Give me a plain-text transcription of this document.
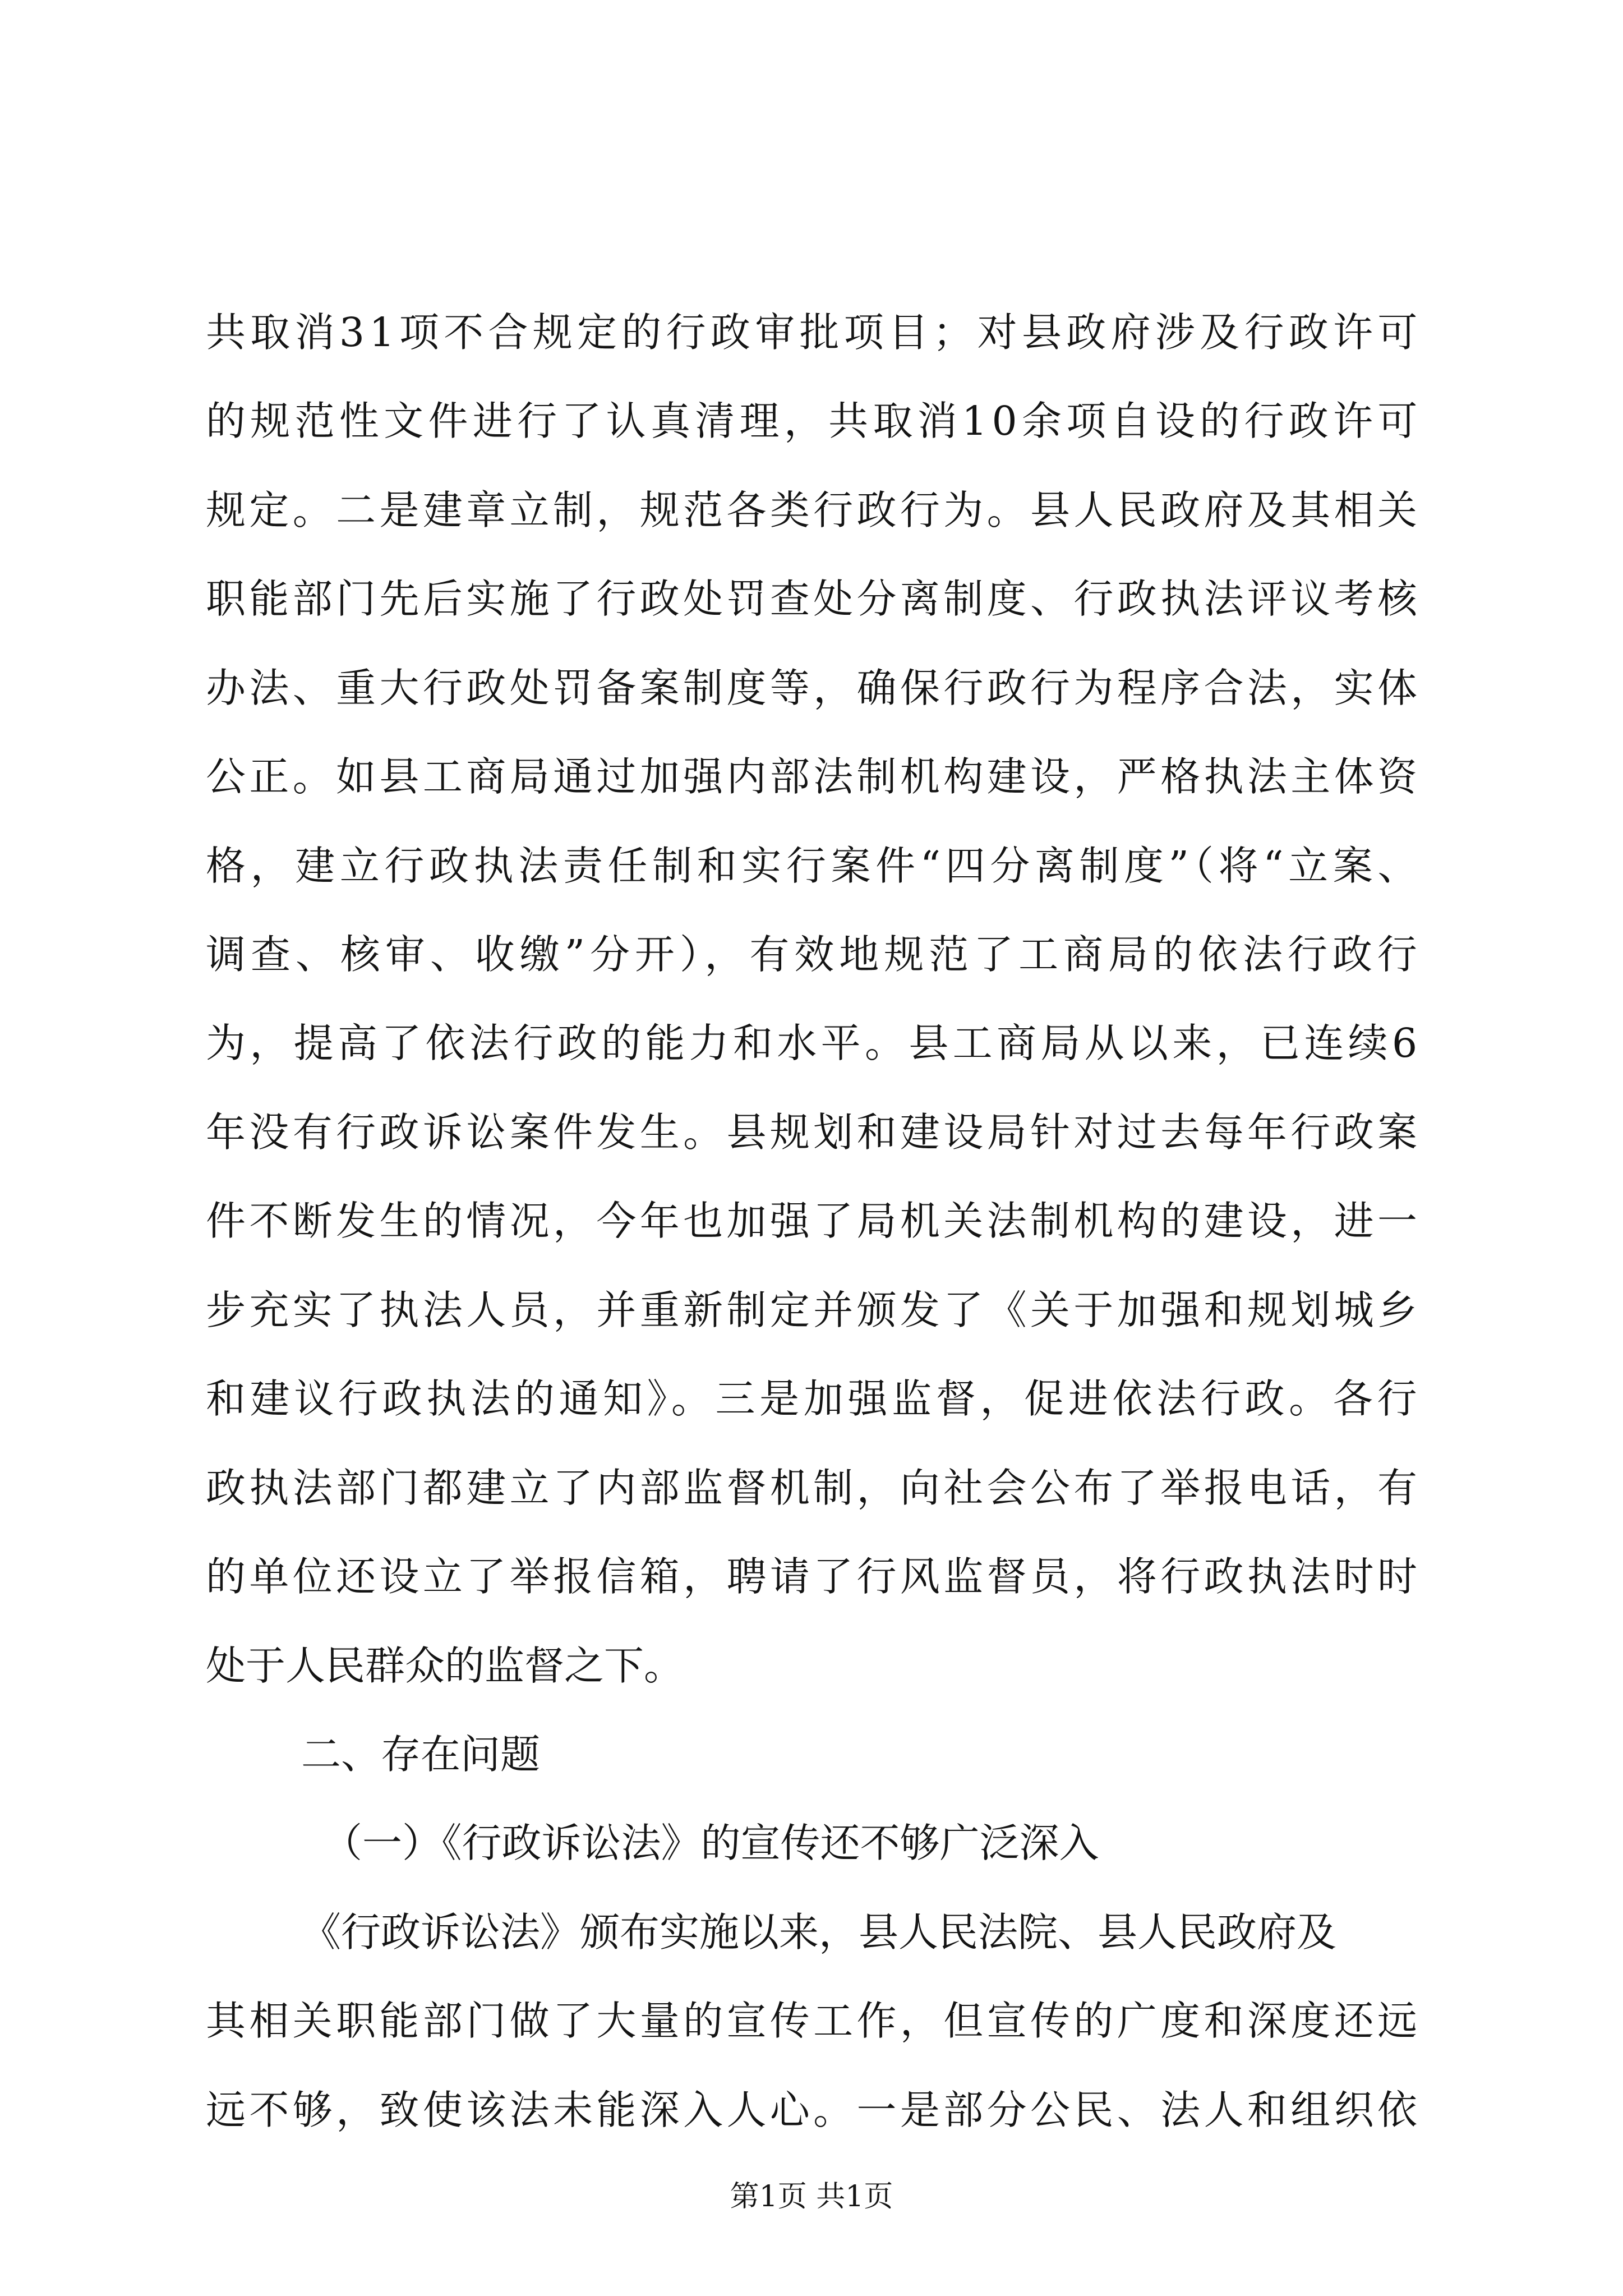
共取消31项不合规定的行政审批项目；对县政府涉及行政许可
的规范性文件进行了认真清理，共取消10余项自设的行政许可
规定。二是建章立制，规范各类行政行为。县人民政府及其相关
职能部门先后实施了行政处罚查处分离制度、行政执法评议考核
办法、重大行政处罚备案制度等，确保行政行为程序合法，实体
公正。如县工商局通过加强内部法制机构建设，严格执法主体资
格，建立行政执法责任制和实行案件“四分离制度”（将“立案、
调查、核审、收缴”分开），有效地规范了工商局的依法行政行
为，提高了依法行政的能力和水平。县工商局从以来，已连续6
年没有行政诉讼案件发生。县规划和建设局针对过去每年行政案
件不断发生的情况，今年也加强了局机关法制机构的建设，进一
步充实了执法人员，并重新制定并颁发了《关于加强和规划城乡
和建议行政执法的通知》。三是加强监督，促进依法行政。各行
政执法部门都建立了内部监督机制，向社会公布了举报电话，有
的单位还设立了举报信箱，聘请了行风监督员，将行政执法时时
处于人民群众的监督之下。
二、存在问题
（一）《行政诉讼法》的宣传还不够广泛深入
《行政诉讼法》颁布实施以来，县人民法院、县人民政府及
其相关职能部门做了大量的宣传工作，但宣传的广度和深度还远
远不够，致使该法未能深入人心。一是部分公民、法人和组织依
第1页 共1页
